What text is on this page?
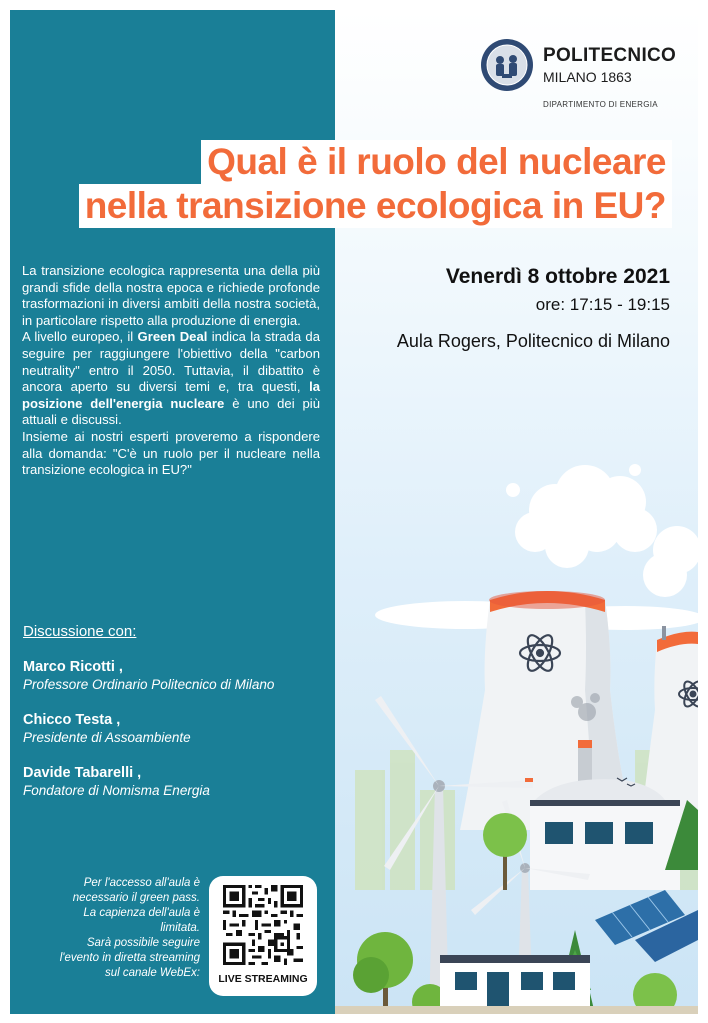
POLITECNICO
MILANO 1863
DIPARTIMENTO DI ENERGIA
Qual è il ruolo del nucleare
nella transizione ecologica in EU?
Venerdì 8 ottobre 2021
ore: 17:15 - 19:15
Aula Rogers, Politecnico di Milano

La transizione ecologica rappresenta una della più grandi sfide della nostra epoca e richiede profonde trasformazioni in diversi ambiti della nostra società, in particolare rispetto alla produzione di energia.

A livello europeo, il Green Deal indica la strada da seguire per raggiungere l'obiettivo della "carbon neutrality" entro il 2050. Tuttavia, il dibattito è ancora aperto su diversi temi e, tra questi, la posizione dell'energia nucleare è uno dei più attuali e discussi.

Insieme ai nostri esperti proveremo a rispondere alla domanda: "C'è un ruolo per il nucleare nella transizione ecologica in EU?"

Discussione con:
Marco Ricotti ,
Professore Ordinario Politecnico di Milano
Chicco Testa ,
Presidente di Assoambiente
Davide Tabarelli ,
Fondatore di Nomisma Energia

Per l'accesso all'aula è necessario il green pass.

La capienza dell'aula è limitata.

Sarà possibile seguire l'evento in diretta streaming sul canale WebEx:	LIVE STREAMING
